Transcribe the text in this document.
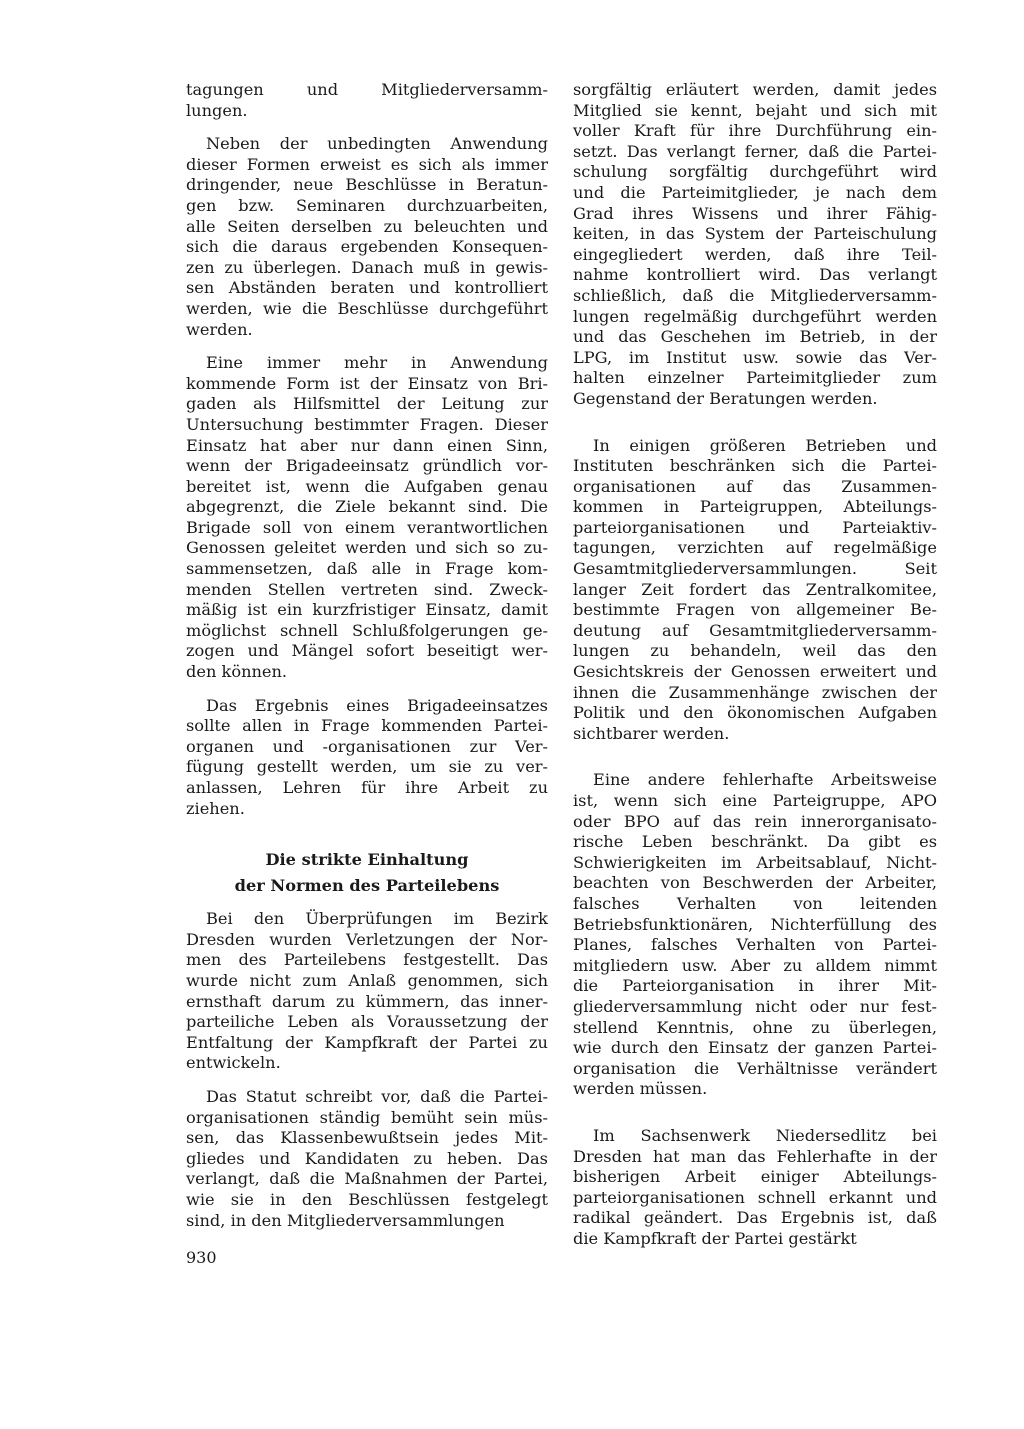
tagungen und Mitgliederversamm-
lungen.

Neben der unbedingten Anwendung
dieser Formen erweist es sich als immer
dringender, neue Beschlüsse in Beratun-
gen bzw. Seminaren durchzuarbeiten,
alle Seiten derselben zu beleuchten und
sich die daraus ergebenden Konsequen-
zen zu überlegen. Danach muß in gewis-
sen Abständen beraten und kontrolliert
werden, wie die Beschlüsse durchgeführt
werden.

Eine immer mehr in Anwendung
kommende Form ist der Einsatz von Bri-
gaden als Hilfsmittel der Leitung zur
Untersuchung bestimmter Fragen. Dieser
Einsatz hat aber nur dann einen Sinn,
wenn der Brigadeeinsatz gründlich vor-
bereitet ist, wenn die Aufgaben genau
abgegrenzt, die Ziele bekannt sind. Die
Brigade soll von einem verantwortlichen
Genossen geleitet werden und sich so zu-
sammensetzen, daß alle in Frage kom-
menden Stellen vertreten sind. Zweck-
mäßig ist ein kurzfristiger Einsatz, damit
möglichst schnell Schlußfolgerungen ge-
zogen und Mängel sofort beseitigt wer-
den können.

Das Ergebnis eines Brigadeeinsatzes
sollte allen in Frage kommenden Partei-
organen und -organisationen zur Ver-
fügung gestellt werden, um sie zu ver-
anlassen, Lehren für ihre Arbeit zu
ziehen.

Die strikte Einhaltung
der Normen des Parteilebens

Bei den Überprüfungen im Bezirk
Dresden wurden Verletzungen der Nor-
men des Parteilebens festgestellt. Das
wurde nicht zum Anlaß genommen, sich
ernsthaft darum zu kümmern, das inner-
parteiliche Leben als Voraussetzung der
Entfaltung der Kampfkraft der Partei zu
entwickeln.

Das Statut schreibt vor, daß die Partei-
organisationen ständig bemüht sein müs-
sen, das Klassenbewußtsein jedes Mit-
gliedes und Kandidaten zu heben. Das
verlangt, daß die Maßnahmen der Partei,
wie sie in den Beschlüssen festgelegt
sind, in den Mitgliederversammlungen

sorgfältig erläutert werden, damit jedes
Mitglied sie kennt, bejaht und sich mit
voller Kraft für ihre Durchführung ein-
setzt. Das verlangt ferner, daß die Partei-
schulung sorgfältig durchgeführt wird
und die Parteimitglieder, je nach dem
Grad ihres Wissens und ihrer Fähig-
keiten, in das System der Parteischulung
eingegliedert werden, daß ihre Teil-
nahme kontrolliert wird. Das verlangt
schließlich, daß die Mitgliederversamm-
lungen regelmäßig durchgeführt werden
und das Geschehen im Betrieb, in der
LPG, im Institut usw. sowie das Ver-
halten einzelner Parteimitglieder zum
Gegenstand der Beratungen werden.

In einigen größeren Betrieben und
Instituten beschränken sich die Partei-
organisationen auf das Zusammen-
kommen in Parteigruppen, Abteilungs-
parteiorganisationen und Parteiaktiv-
tagungen, verzichten auf regelmäßige
Gesamtmitgliederversammlungen. Seit
langer Zeit fordert das Zentralkomitee,
bestimmte Fragen von allgemeiner Be-
deutung auf Gesamtmitgliederversamm-
lungen zu behandeln, weil das den
Gesichtskreis der Genossen erweitert und
ihnen die Zusammenhänge zwischen der
Politik und den ökonomischen Aufgaben
sichtbarer werden.

Eine andere fehlerhafte Arbeitsweise
ist, wenn sich eine Parteigruppe, APO
oder BPO auf das rein innerorganisato-
rische Leben beschränkt. Da gibt es
Schwierigkeiten im Arbeitsablauf, Nicht-
beachten von Beschwerden der Arbeiter,
falsches Verhalten von leitenden
Betriebsfunktionären, Nichterfüllung des
Planes, falsches Verhalten von Partei-
mitgliedern usw. Aber zu alldem nimmt
die Parteiorganisation in ihrer Mit-
gliederversammlung nicht oder nur fest-
stellend Kenntnis, ohne zu überlegen,
wie durch den Einsatz der ganzen Partei-
organisation die Verhältnisse verändert
werden müssen.

Im Sachsenwerk Niedersedlitz bei
Dresden hat man das Fehlerhafte in der
bisherigen Arbeit einiger Abteilungs-
parteiorganisationen schnell erkannt und
radikal geändert. Das Ergebnis ist, daß
die Kampfkraft der Partei gestärkt

930
